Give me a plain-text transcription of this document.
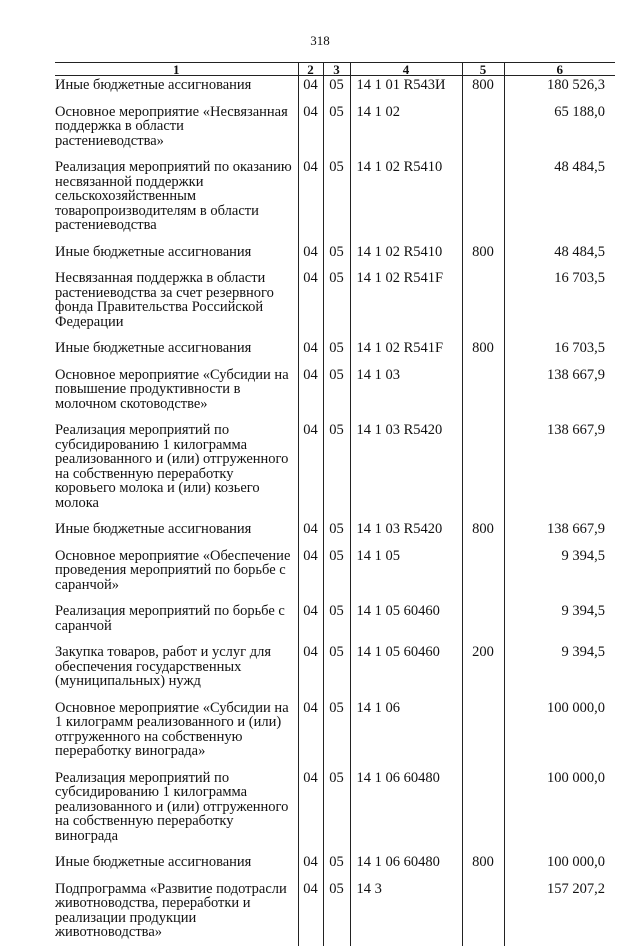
318
1	2	3	4	5	6
Иные бюджетные ассигнования	04	05	14 1 01 R543И	800	180 526,3
Основное мероприятие «Несвязанная поддержка в области растениеводства»	04	05	14 1 02		65 188,0
Реализация мероприятий по оказанию несвязанной поддержки сельскохозяйственным товаропроизводителям в области растениеводства	04	05	14 1 02 R5410		48 484,5
Иные бюджетные ассигнования	04	05	14 1 02 R5410	800	48 484,5
Несвязанная поддержка в области растениеводства за счет резервного фонда Правительства Российской Федерации	04	05	14 1 02 R541F		16 703,5
Иные бюджетные ассигнования	04	05	14 1 02 R541F	800	16 703,5
Основное мероприятие «Субсидии на повышение продуктивности в молочном скотоводстве»	04	05	14 1 03		138 667,9
Реализация мероприятий по субсидированию 1 килограмма реализованного и (или) отгруженного на собственную переработку коровьего молока и (или) козьего молока	04	05	14 1 03 R5420		138 667,9
Иные бюджетные ассигнования	04	05	14 1 03 R5420	800	138 667,9
Основное мероприятие «Обеспечение проведения мероприятий по борьбе с саранчой»	04	05	14 1 05		9 394,5
Реализация мероприятий по борьбе с саранчой	04	05	14 1 05 60460		9 394,5
Закупка товаров, работ и услуг для обеспечения государственных (муниципальных) нужд	04	05	14 1 05 60460	200	9 394,5
Основное мероприятие «Субсидии на 1 килограмм реализованного и (или) отгруженного на собственную переработку винограда»	04	05	14 1 06		100 000,0
Реализация мероприятий по субсидированию 1 килограмма реализованного и (или) отгруженного на собственную переработку винограда	04	05	14 1 06 60480		100 000,0
Иные бюджетные ассигнования	04	05	14 1 06 60480	800	100 000,0
Подпрограмма «Развитие подотрасли животноводства, переработки и реализации продукции животноводства»	04	05	14 3		157 207,2
